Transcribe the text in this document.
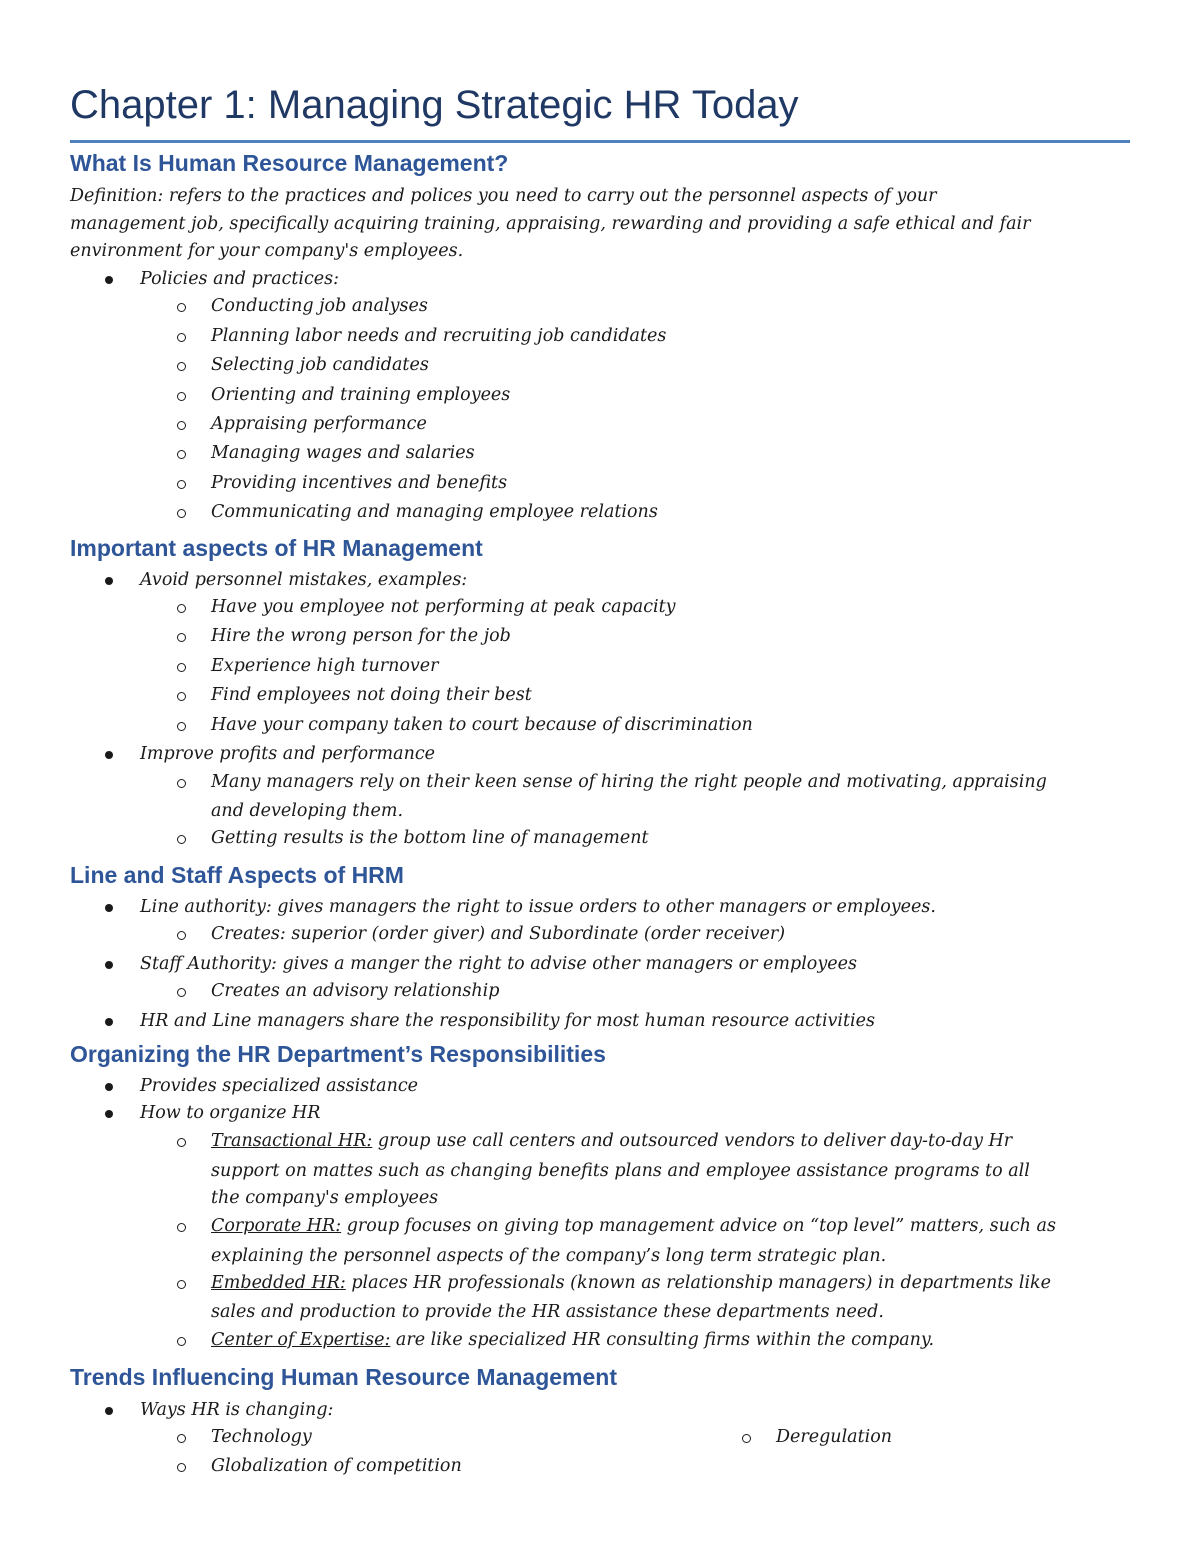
Chapter 1: Managing Strategic HR Today
What Is Human Resource Management?
Definition: refers to the practices and polices you need to carry out the personnel aspects of your
management job, specifically acquiring training, appraising, rewarding and providing a safe ethical and fair
environment for your company's employees.
Policies and practices:
Conducting job analyses
Planning labor needs and recruiting job candidates
Selecting job candidates
Orienting and training employees
Appraising performance
Managing wages and salaries
Providing incentives and benefits
Communicating and managing employee relations
Important aspects of HR Management
Avoid personnel mistakes, examples:
Have you employee not performing at peak capacity
Hire the wrong person for the job
Experience high turnover
Find employees not doing their best
Have your company taken to court because of discrimination
Improve profits and performance
Many managers rely on their keen sense of hiring the right people and motivating, appraising
and developing them.
Getting results is the bottom line of management
Line and Staff Aspects of HRM
Line authority: gives managers the right to issue orders to other managers or employees.
Creates: superior (order giver) and Subordinate (order receiver)
Staff Authority: gives a manger the right to advise other managers or employees
Creates an advisory relationship
HR and Line managers share the responsibility for most human resource activities
Organizing the HR Department’s Responsibilities
Provides specialized assistance
How to organize HR
Transactional HR: group use call centers and outsourced vendors to deliver day-to-day Hr
support on mattes such as changing benefits plans and employee assistance programs to all
the company's employees
Corporate HR: group focuses on giving top management advice on “top level” matters, such as
explaining the personnel aspects of the company’s long term strategic plan.
Embedded HR: places HR professionals (known as relationship managers) in departments like
sales and production to provide the HR assistance these departments need.
Center of Expertise: are like specialized HR consulting firms within the company.
Trends Influencing Human Resource Management
Ways HR is changing:
Technology
Globalization of competition
Deregulation
